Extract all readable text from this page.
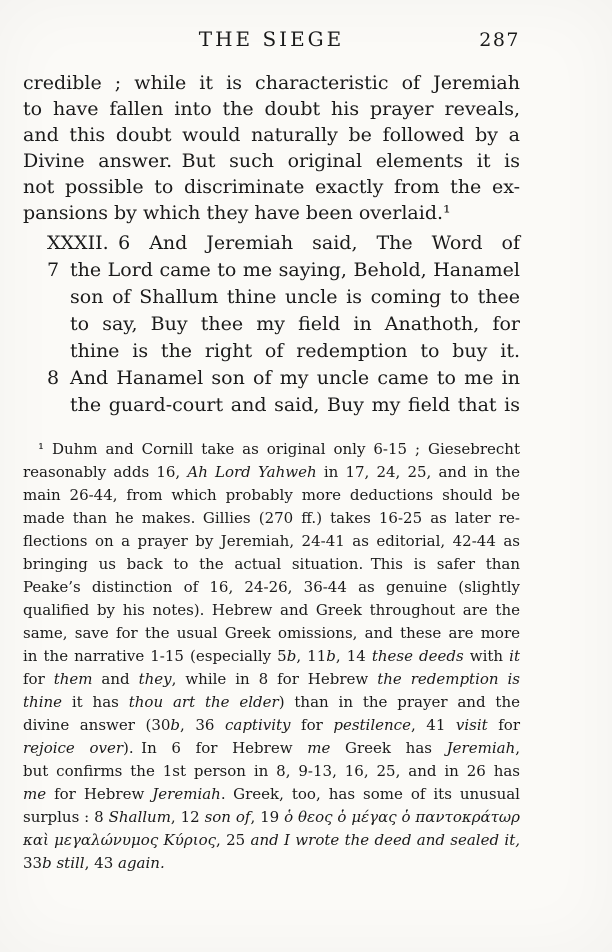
THE SIEGE	287
credible ; while it is characteristic of Jeremiah
to have fallen into the doubt his prayer reveals,
and this doubt would naturally be followed by a
Divine answer. But such original elements it is
not possible to discriminate exactly from the ex-
pansions by which they have been overlaid.¹
XXXII. 6 And Jeremiah said, The Word of
7 the Lord came to me saying, Behold, Hanamel
son of Shallum thine uncle is coming to thee
to say, Buy thee my field in Anathoth, for
thine is the right of redemption to buy it.
8 And Hanamel son of my uncle came to me in
the guard-court and said, Buy my field that is
¹ Duhm and Cornill take as original only 6-15 ; Giesebrecht
reasonably adds 16, Ah Lord Yahweh in 17, 24, 25, and in the
main 26-44, from which probably more deductions should be
made than he makes. Gillies (270 ff.) takes 16-25 as later re-
flections on a prayer by Jeremiah, 24-41 as editorial, 42-44 as
bringing us back to the actual situation. This is safer than
Peake’s distinction of 16, 24-26, 36-44 as genuine (slightly
qualified by his notes). Hebrew and Greek throughout are the
same, save for the usual Greek omissions, and these are more
in the narrative 1-15 (especially 5b, 11b, 14 these deeds with it
for them and they, while in 8 for Hebrew the redemption is
thine it has thou art the elder) than in the prayer and the
divine answer (30b, 36 captivity for pestilence, 41 visit for
rejoice over). In 6 for Hebrew me Greek has Jeremiah,
but confirms the 1st person in 8, 9-13, 16, 25, and in 26 has
me for Hebrew Jeremiah. Greek, too, has some of its unusual
surplus : 8 Shallum, 12 son of, 19 ὁ θεος ὁ μέγας ὁ παντοκράτωρ
καὶ μεγαλώνυμος Κύριος, 25 and I wrote the deed and sealed it,
33b still, 43 again.
